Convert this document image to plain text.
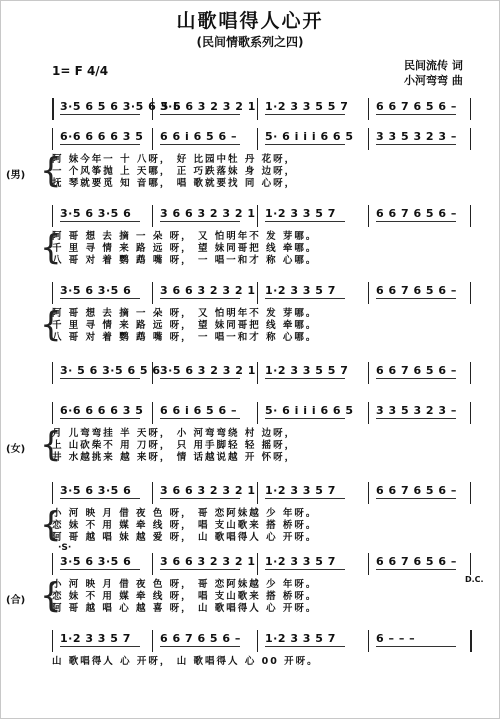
山歌唱得人心开
(民间情歌系列之四)
1= F 4/4	民间流传 词
小河弯弯 曲
3·5 6 5 6 3·5 6 5 6
3·5 6 3 2 3 2 1 1·2 3 3 5 5 7	6 6 7 6 5 6 –
6·6 6 6 6 3 5 6 6 i 6 5 6 –	5· 6 i i i 6 6 5 3 3 5 3 2 3 –
{
(男)
阿 妹今年一 十 八呀， 好 比园中牡 丹 花呀，
一 个风筝抛 上 天哪， 正 巧跌落妹 身 边呀，
抚 琴就要觅 知 音哪， 唱 歌就要找 同 心呀，
3·5 6 3·5 6	3 6 6 3 2 3 2 1 1·2 3 3 5 7	6 6 7 6 5 6 –
{
阿 哥 想 去 摘 一 朵 呀， 又 怕明年不 发 芽哪。
千 里 寻 情 来 路 远 呀， 望 妹同哥把 线 牵哪。
八 哥 对 着 鹦 鹉 嘴 呀， 一 唱一和才 称 心哪。
3·5 6 3·5 6	3 6 6 3 2 3 2 1 1·2 3 3 5 7	6 6 7 6 5 6 –
{
阿 哥 想 去 摘 一 朵 呀， 又 怕明年不 发 芽哪。
千 里 寻 情 来 路 远 呀， 望 妹同哥把 线 牵哪。
八 哥 对 着 鹦 鹉 嘴 呀， 一 唱一和才 称 心哪。
3· 5 6 3·5 6 5 6 3·5 6 3 2 3 2 1 1·2 3 3 5 5 7	6 6 7 6 5 6 –
6·6 6 6 6 3 5 6 6 i 6 5 6 –	5· 6 i i i 6 6 5 3 3 5 3 2 3 –
{
(女)
月 儿弯弯挂 半 天呀， 小 河弯弯绕 村 边呀，
上 山砍柴不 用 刀呀， 只 用手脚轻 轻 摇呀，
井 水越挑来 越 来呀， 情 话越说越 开 怀呀，
3·5 6 3·5 6	3 6 6 3 2 3 2 1 1·2 3 3 5 7	6 6 7 6 5 6 –
{
小 河 映 月 借 夜 色 呀， 哥 恋阿妹越 少 年呀。
恋 妹 不 用 媒 牵 线 呀， 唱 支山歌来 搭 桥呀。
阿 哥 越 唱 妹 越 爱 呀， 山 歌唱得人 心 开呀。
3·5 6 3·5 6	3 6 6 3 2 3 2 1 1·2 3 3 5 7	6 6 7 6 5 6 –
·S·
D.C.
{
(合)
小 河 映 月 借 夜 色 呀， 哥 恋阿妹越 少 年呀。
恋 妹 不 用 媒 牵 线 呀， 唱 支山歌来 搭 桥呀。
阿 哥 越 唱 心 越 喜 呀， 山 歌唱得人 心 开呀。
1·2 3 3 5 7	6 6 7 6 5 6 – 1·2 3 3 5 7	6 – – –
山 歌唱得人 心 开呀， 山 歌唱得人 心 00 开呀。
